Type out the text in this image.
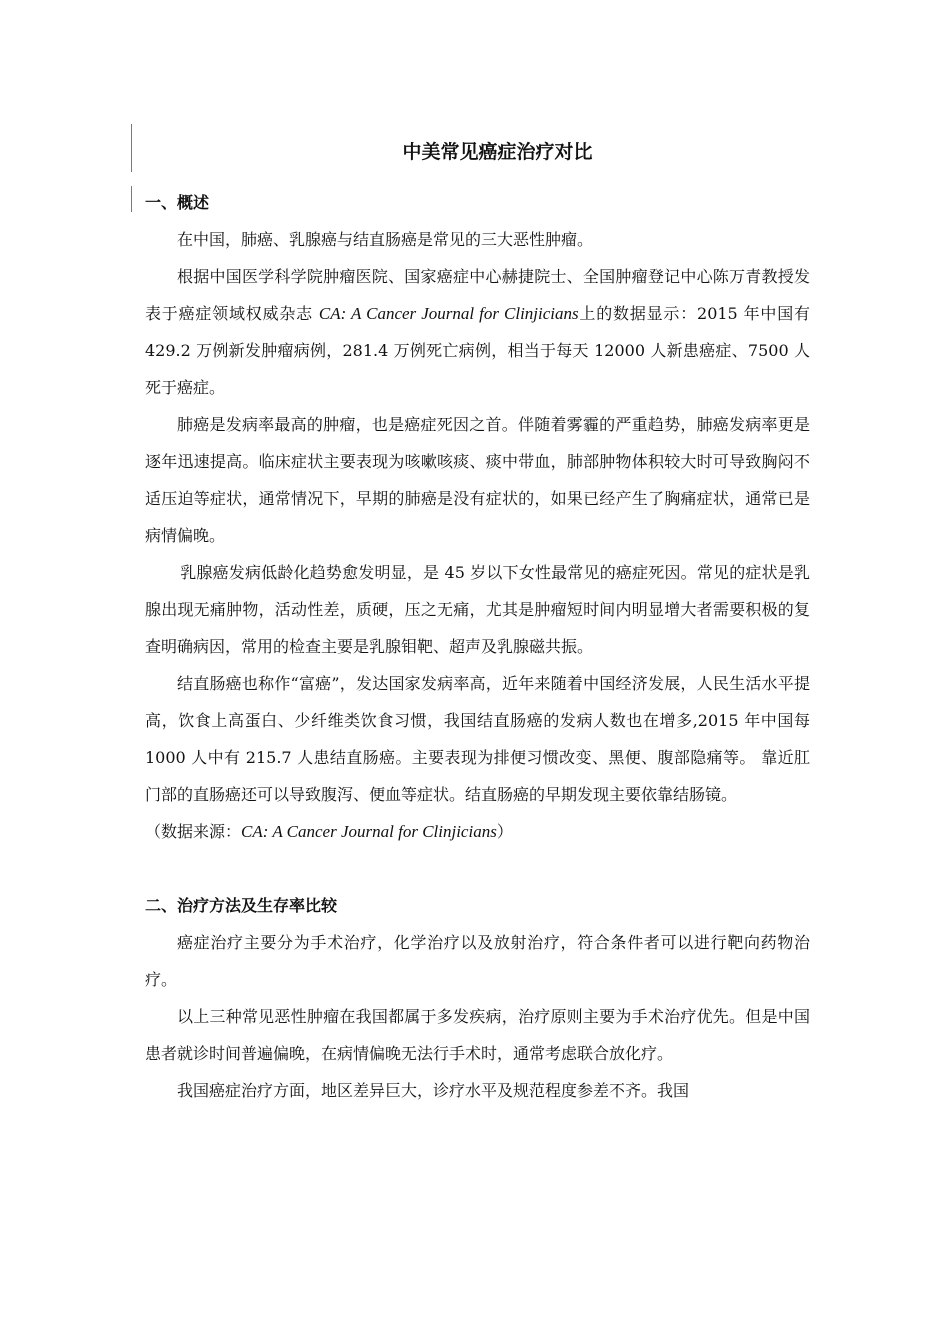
中美常见癌症治疗对比
一、概述

在中国，肺癌、乳腺癌与结直肠癌是常见的三大恶性肿瘤。

根据中国医学科学院肿瘤医院、国家癌症中心赫捷院士、全国肿瘤登记中心陈万青教授发表于癌症领域权威杂志 CA: A Cancer Journal for Clinjicians上的数据显示：2015 年中国有 429.2 万例新发肿瘤病例，281.4 万例死亡病例，相当于每天 12000 人新患癌症、7500 人死于癌症。

肺癌是发病率最高的肿瘤，也是癌症死因之首。伴随着雾霾的严重趋势，肺癌发病率更是逐年迅速提高。临床症状主要表现为咳嗽咳痰、痰中带血，肺部肿物体积较大时可导致胸闷不适压迫等症状，通常情况下，早期的肺癌是没有症状的，如果已经产生了胸痛症状，通常已是病情偏晚。

乳腺癌发病低龄化趋势愈发明显，是 45 岁以下女性最常见的癌症死因。常见的症状是乳腺出现无痛肿物，活动性差，质硬，压之无痛，尤其是肿瘤短时间内明显增大者需要积极的复查明确病因，常用的检查主要是乳腺钼靶、超声及乳腺磁共振。

结直肠癌也称作“富癌”，发达国家发病率高，近年来随着中国经济发展，人民生活水平提高，饮食上高蛋白、少纤维类饮食习惯，我国结直肠癌的发病人数也在增多,2015 年中国每 1000 人中有 215.7 人患结直肠癌。主要表现为排便习惯改变、黑便、腹部隐痛等。 靠近肛门部的直肠癌还可以导致腹泻、便血等症状。结直肠癌的早期发现主要依靠结肠镜。

（数据来源：CA: A Cancer Journal for Clinjicians）

二、治疗方法及生存率比较

癌症治疗主要分为手术治疗，化学治疗以及放射治疗，符合条件者可以进行靶向药物治疗。

以上三种常见恶性肿瘤在我国都属于多发疾病，治疗原则主要为手术治疗优先。但是中国患者就诊时间普遍偏晚，在病情偏晚无法行手术时，通常考虑联合放化疗。

我国癌症治疗方面，地区差异巨大，诊疗水平及规范程度参差不齐。我国
